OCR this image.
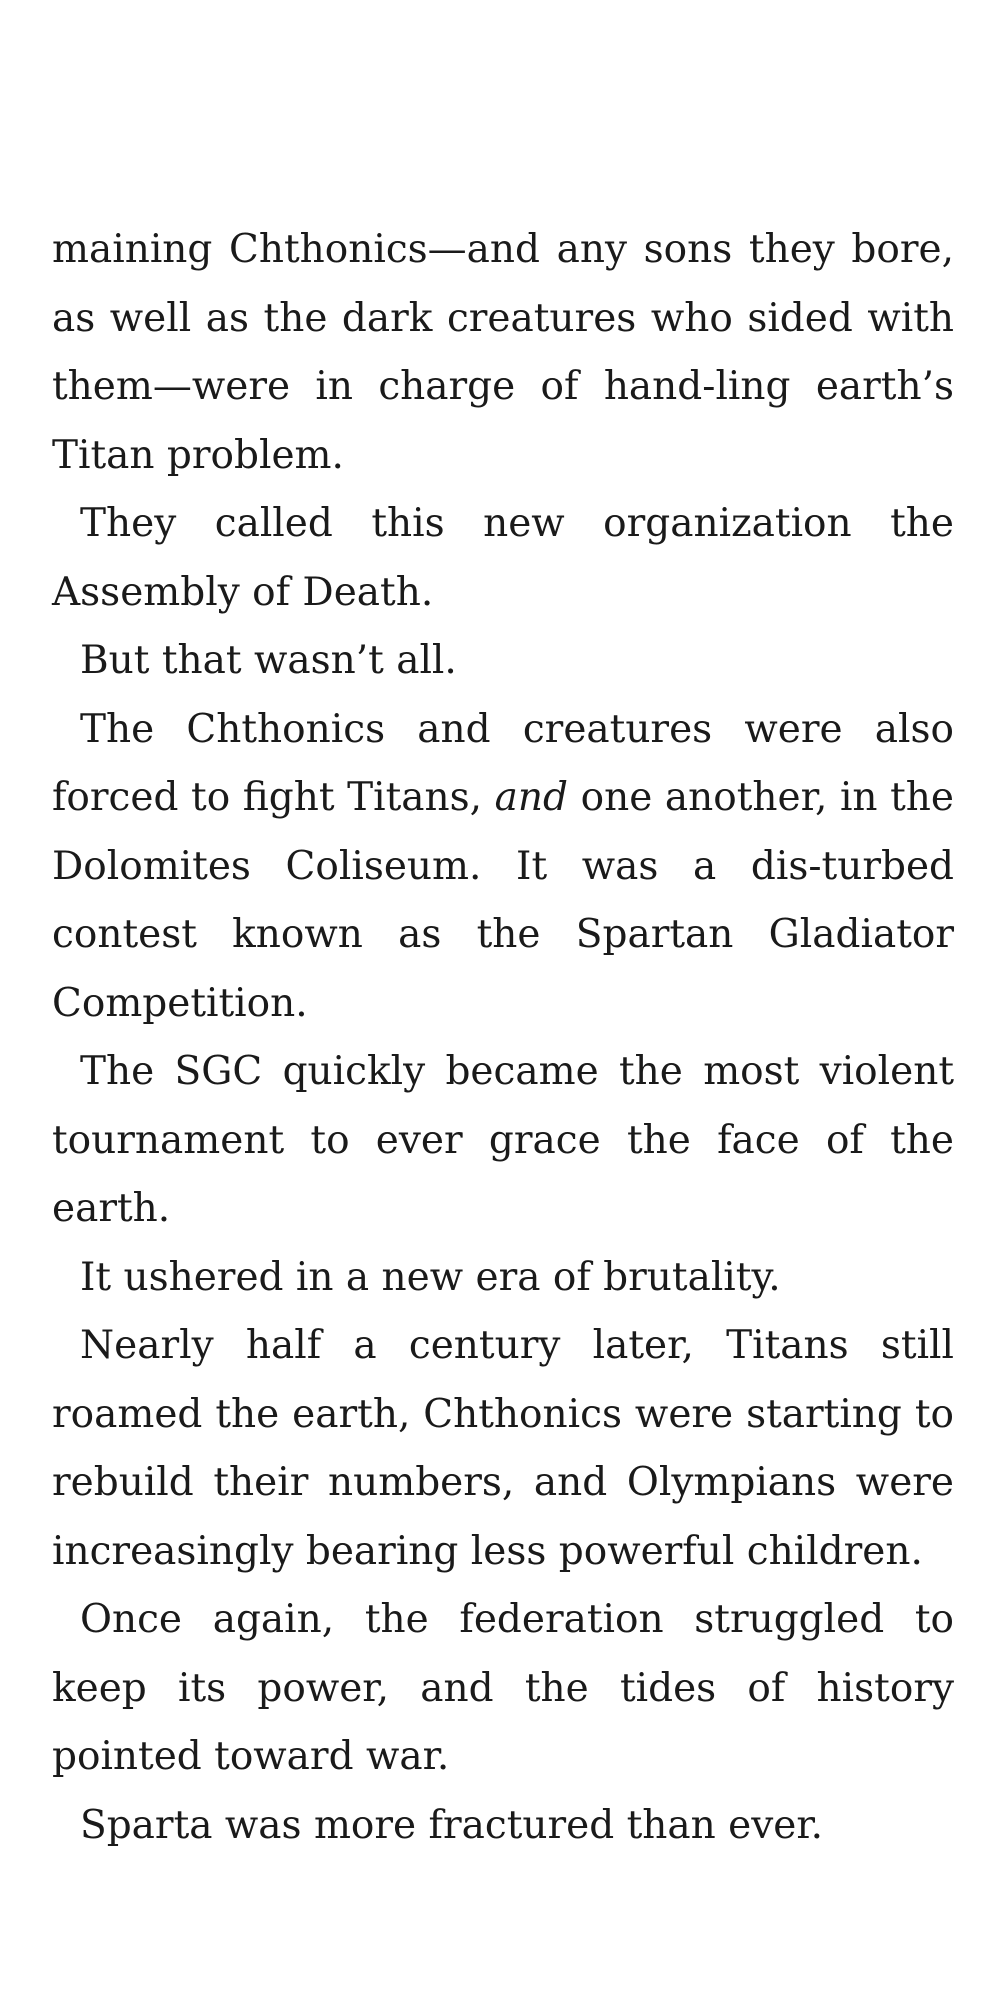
maining Chthonics—and any sons they bore, as well as the dark creatures who sided with them—were in charge of hand-ling earth’s Titan problem.

They called this new organization the Assembly of Death.

But that wasn’t all.

The Chthonics and creatures were also forced to fight Titans, and one another, in the Dolomites Coliseum. It was a dis-turbed contest known as the Spartan Gladiator Competition.

The SGC quickly became the most violent tournament to ever grace the face of the earth.

It ushered in a new era of brutality.

Nearly half a century later, Titans still roamed the earth, Chthonics were starting to rebuild their numbers, and Olympians were increasingly bearing less powerful children.

Once again, the federation struggled to keep its power, and the tides of history pointed toward war.

Sparta was more fractured than ever.
